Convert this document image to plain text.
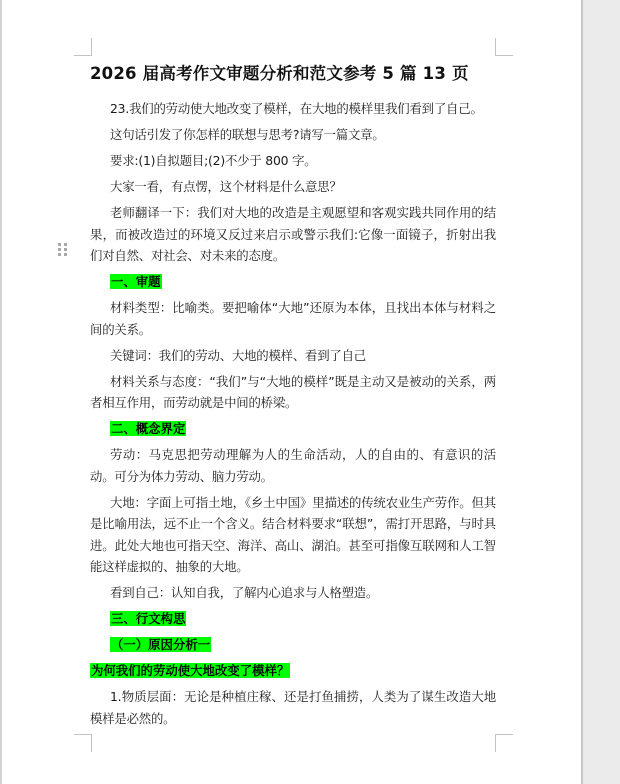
2026 届高考作文审题分析和范文参考 5 篇 13 页

23.我们的劳动使大地改变了模样，在大地的模样里我们看到了自己。

这句话引发了你怎样的联想与思考?请写一篇文章。

要求:(1)自拟题目;(2)不少于 800 字。

大家一看，有点愣，这个材料是什么意思？

老师翻译一下：我们对大地的改造是主观愿望和客观实践共同作用的结果，而被改造过的环境又反过来启示或警示我们:它像一面镜子，折射出我们对自然、对社会、对未来的态度。

一、审题

材料类型：比喻类。要把喻体“大地”还原为本体，且找出本体与材料之间的关系。

关键词：我们的劳动、大地的模样、看到了自己

材料关系与态度：“我们”与“大地的模样”既是主动又是被动的关系，两者相互作用，而劳动就是中间的桥梁。

二、概念界定

劳动：马克思把劳动理解为人的生命活动，人的自由的、有意识的活动。可分为体力劳动、脑力劳动。

大地：字面上可指土地，《乡土中国》里描述的传统农业生产劳作。但其是比喻用法，远不止一个含义。结合材料要求“联想”，需打开思路，与时具进。此处大地也可指天空、海洋、高山、湖泊。甚至可指像互联网和人工智能这样虚拟的、抽象的大地。

看到自己：认知自我，了解内心追求与人格塑造。

三、行文构思

（一）原因分析一

为何我们的劳动使大地改变了模样？

1.物质层面：无论是种植庄稼、还是打鱼捕捞，人类为了谋生改造大地模样是必然的。
